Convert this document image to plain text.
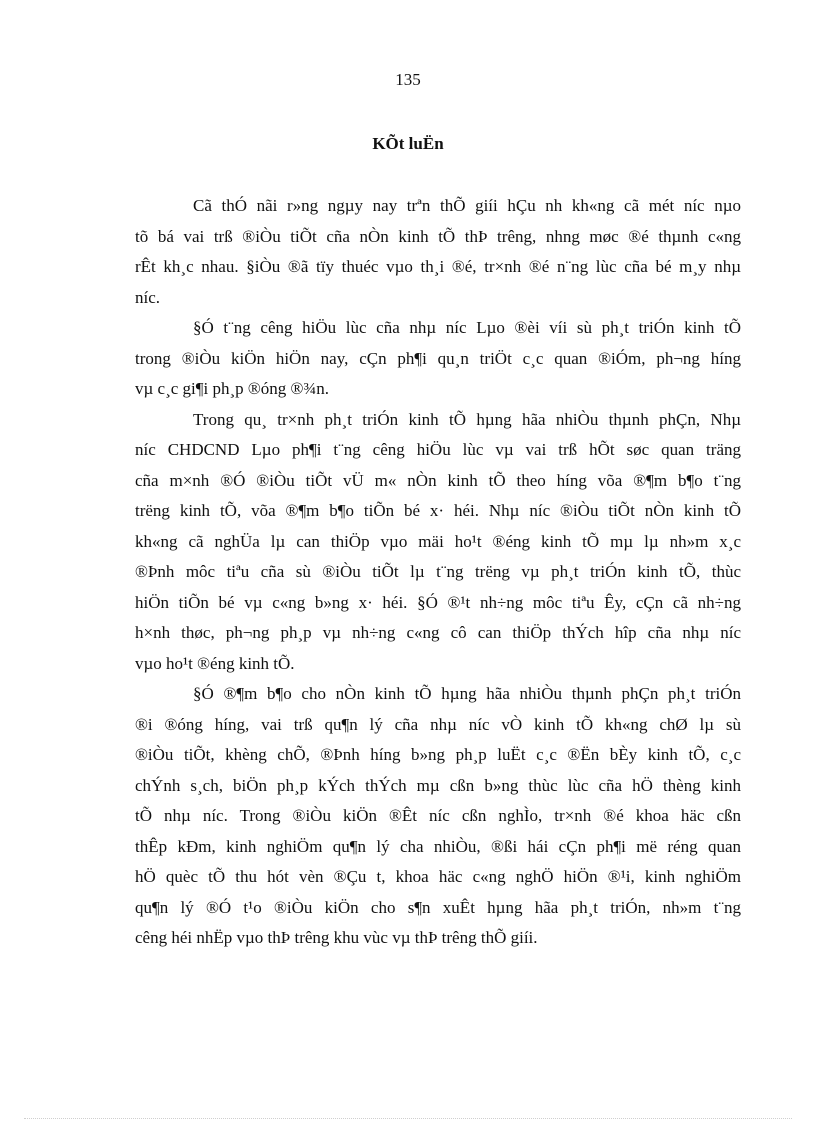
135
KÕt luËn
Cã thÓ nãi r»ng ngµy nay trªn thÕ giíi hÇu nh kh«ng cã mét níc nµo
tõ bá vai trß ®iÒu tiÕt cña nÒn kinh tÕ thÞ trêng, nhng møc ®é thµnh c«ng
rÊt kh¸c nhau. §iÒu ®ã tïy thuéc vµo th¸i ®é, tr×nh ®é n¨ng lùc cña bé m¸y nhµ
níc.
§Ó t¨ng cêng hiÖu lùc cña nhµ níc Lµo ®èi víi sù ph¸t triÓn kinh tÕ
trong ®iÒu kiÖn hiÖn nay, cÇn ph¶i qu¸n triÖt c¸c quan ®iÓm, ph¬ng híng
vµ c¸c gi¶i ph¸p ®óng ®¾n.
Trong qu¸ tr×nh ph¸t triÓn kinh tÕ hµng hãa nhiÒu thµnh phÇn, Nhµ
níc CHDCND Lµo ph¶i t¨ng cêng hiÖu lùc vµ vai trß hÕt søc quan träng
cña m×nh ®Ó ®iÒu tiÕt vÜ m« nÒn kinh tÕ theo híng võa ®¶m b¶o t¨ng
trëng kinh tÕ, võa ®¶m b¶o tiÕn bé x· héi. Nhµ níc ®iÒu tiÕt nÒn kinh tÕ
kh«ng cã nghÜa lµ can thiÖp vµo mäi ho¹t ®éng kinh tÕ mµ lµ nh»m x¸c
®Þnh môc tiªu cña sù ®iÒu tiÕt lµ t¨ng trëng vµ ph¸t triÓn kinh tÕ, thùc
hiÖn tiÕn bé vµ c«ng b»ng x· héi. §Ó ®¹t nh÷ng môc tiªu Êy, cÇn cã nh÷ng
h×nh thøc, ph¬ng ph¸p vµ nh÷ng c«ng cô can thiÖp thÝch hîp cña nhµ níc
vµo ho¹t ®éng kinh tÕ.
§Ó ®¶m b¶o cho nÒn kinh tÕ hµng hãa nhiÒu thµnh phÇn ph¸t triÓn
®i ®óng híng, vai trß qu¶n lý cña nhµ níc vÒ kinh tÕ kh«ng chØ lµ sù
®iÒu tiÕt, khèng chÕ, ®Þnh híng b»ng ph¸p luËt c¸c ®Ën bÈy kinh tÕ, c¸c
chÝnh s¸ch, biÖn ph¸p kÝch thÝch mµ cßn b»ng thùc lùc cña hÖ thèng kinh
tÕ nhµ níc. Trong ®iÒu kiÖn ®Êt níc cßn nghÌo, tr×nh ®é khoa häc cßn
thÊp kÐm, kinh nghiÖm qu¶n lý cha nhiÒu, ®ßi hái cÇn ph¶i më réng quan
hÖ quèc tÕ thu hót vèn ®Çu t, khoa häc c«ng nghÖ hiÖn ®¹i, kinh nghiÖm
qu¶n lý ®Ó t¹o ®iÒu kiÖn cho s¶n xuÊt hµng hãa ph¸t triÓn, nh»m t¨ng
cêng héi nhËp vµo thÞ trêng khu vùc vµ thÞ trêng thÕ giíi.
